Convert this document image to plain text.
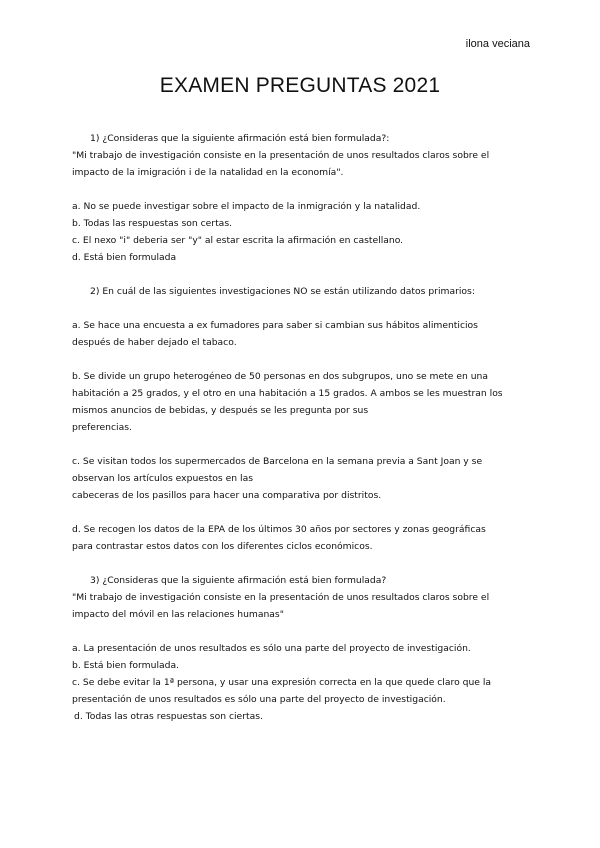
ilona veciana
EXAMEN PREGUNTAS 2021

1) ¿Consideras que la siguiente afirmación está bien formulada?:

"Mi trabajo de investigación consiste en la presentación de unos resultados claros sobre el

impacto de la imigración i de la natalidad en la economía".

a. No se puede investigar sobre el impacto de la inmigración y la natalidad.

b. Todas las respuestas son certas.

c. El nexo "i" deberia ser "y" al estar escrita la afirmación en castellano.

d. Está bien formulada

2) En cuál de las siguientes investigaciones NO se están utilizando datos primarios:

a. Se hace una encuesta a ex fumadores para saber si cambian sus hábitos alimenticios

después de haber dejado el tabaco.

b. Se divide un grupo heterogéneo de 50 personas en dos subgrupos, uno se mete en una

habitación a 25 grados, y el otro en una habitación a 15 grados. A ambos se les muestran los

mismos anuncios de bebidas, y después se les pregunta por sus

preferencias.

c. Se visitan todos los supermercados de Barcelona en la semana previa a Sant Joan y se

observan los artículos expuestos en las

cabeceras de los pasillos para hacer una comparativa por distritos.

d. Se recogen los datos de la EPA de los últimos 30 años por sectores y zonas geográficas

para contrastar estos datos con los diferentes ciclos económicos.

3) ¿Consideras que la siguiente afirmación está bien formulada?

"Mi trabajo de investigación consiste en la presentación de unos resultados claros sobre el

impacto del móvil en las relaciones humanas"

a. La presentación de unos resultados es sólo una parte del proyecto de investigación.

b. Está bien formulada.

c. Se debe evitar la 1ª persona, y usar una expresión correcta en la que quede claro que la

presentación de unos resultados es sólo una parte del proyecto de investigación.

d. Todas las otras respuestas son ciertas.
